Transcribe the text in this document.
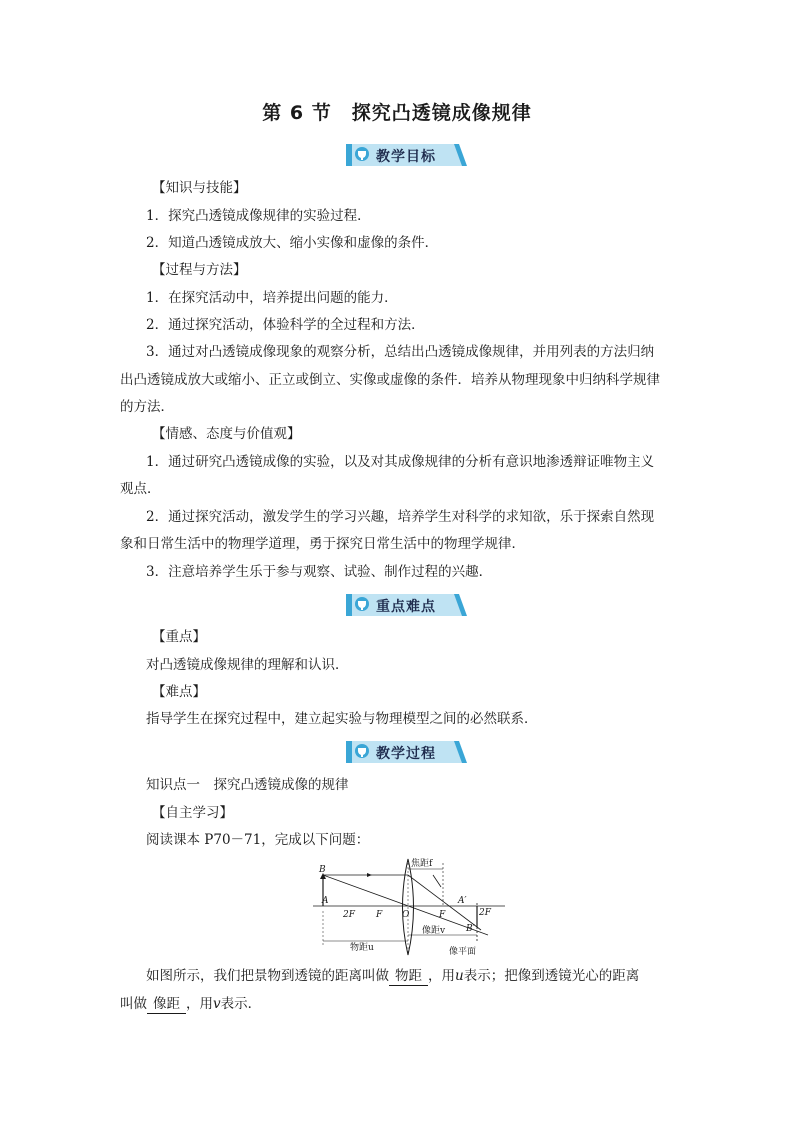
第 6 节　探究凸透镜成像规律
教学目标
【知识与技能】
1．探究凸透镜成像规律的实验过程．
2．知道凸透镜成放大、缩小实像和虚像的条件．
【过程与方法】
1．在探究活动中，培养提出问题的能力．
2．通过探究活动，体验科学的全过程和方法．
3．通过对凸透镜成像现象的观察分析，总结出凸透镜成像规律，并用列表的方法归纳
出凸透镜成放大或缩小、正立或倒立、实像或虚像的条件．培养从物理现象中归纳科学规律
的方法．
【情感、态度与价值观】
1．通过研究凸透镜成像的实验，以及对其成像规律的分析有意识地渗透辩证唯物主义
观点．
2．通过探究活动，激发学生的学习兴趣，培养学生对科学的求知欲，乐于探索自然现
象和日常生活中的物理学道理，勇于探究日常生活中的物理学规律．
3．注意培养学生乐于参与观察、试验、制作过程的兴趣．
重点难点
【重点】
对凸透镜成像规律的理解和认识．
【难点】
指导学生在探究过程中，建立起实验与物理模型之间的必然联系．
教学过程
知识点一　探究凸透镜成像的规律
【自主学习】
阅读课本 P70－71，完成以下问题：
B
A
2F F O	F
A′
2F
B′
焦距f
物距u
像距v
像平面
如图所示，我们把景物到透镜的距离叫做 物距 ，用u表示；把像到透镜光心的距离
叫做 像距 ，用v表示．
